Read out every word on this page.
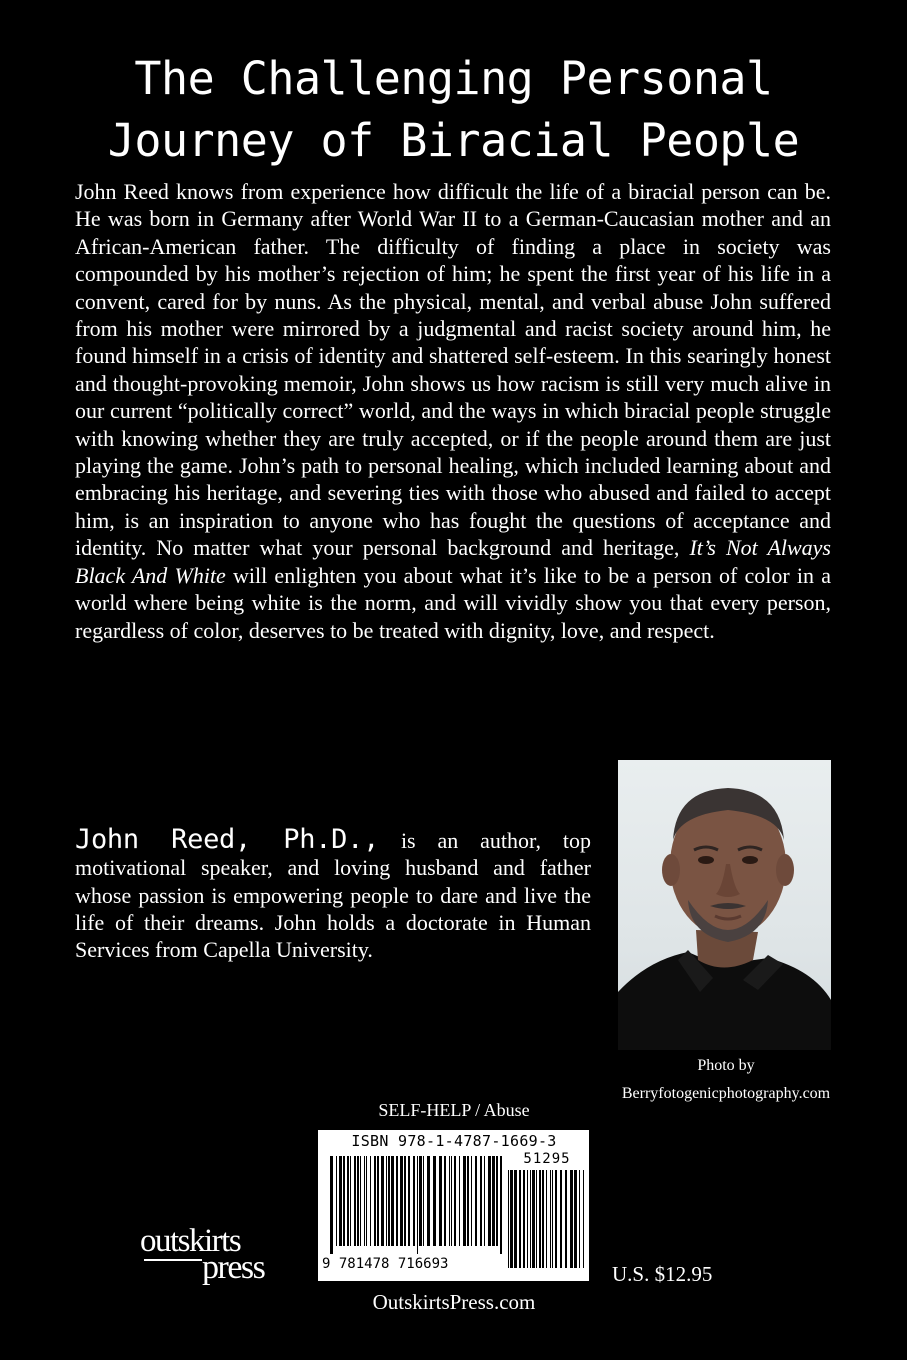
The Challenging Personal
Journey of Biracial People
John Reed knows from experience how difficult the life of a biracial person can be. He was born in Germany after World War II to a German-Caucasian mother and an African-American father. The difficulty of finding a place in society was compounded by his mother’s rejection of him; he spent the first year of his life in a convent, cared for by nuns. As the physical, mental, and verbal abuse John suffered from his mother were mirrored by a judgmental and racist society around him, he found himself in a crisis of identity and shattered self-esteem. In this searingly honest and thought-provoking memoir, John shows us how racism is still very much alive in our current “politically correct” world, and the ways in which biracial people struggle with knowing whether they are truly accepted, or if the people around them are just playing the game. John’s path to personal healing, which included learning about and embracing his heritage, and severing ties with those who abused and failed to accept him, is an inspiration to anyone who has fought the questions of acceptance and identity. No matter what your personal background and heritage, It’s Not Always Black And White will enlighten you about what it’s like to be a person of color in a world where being white is the norm, and will vividly show you that every person, regardless of color, deserves to be treated with dignity, love, and respect.
John Reed, Ph.D., is an author, top motivational speaker, and loving husband and father whose passion is empowering people to dare and live the life of their dreams. John holds a doctorate in Human Services from Capella University.
Photo by
Berryfotogenicphotography.com
SELF-HELP / Abuse
ISBN 978-1-4787-1669-3
51295
9 781478 716693
outskirts
press	U.S. $12.95
OutskirtsPress.com
